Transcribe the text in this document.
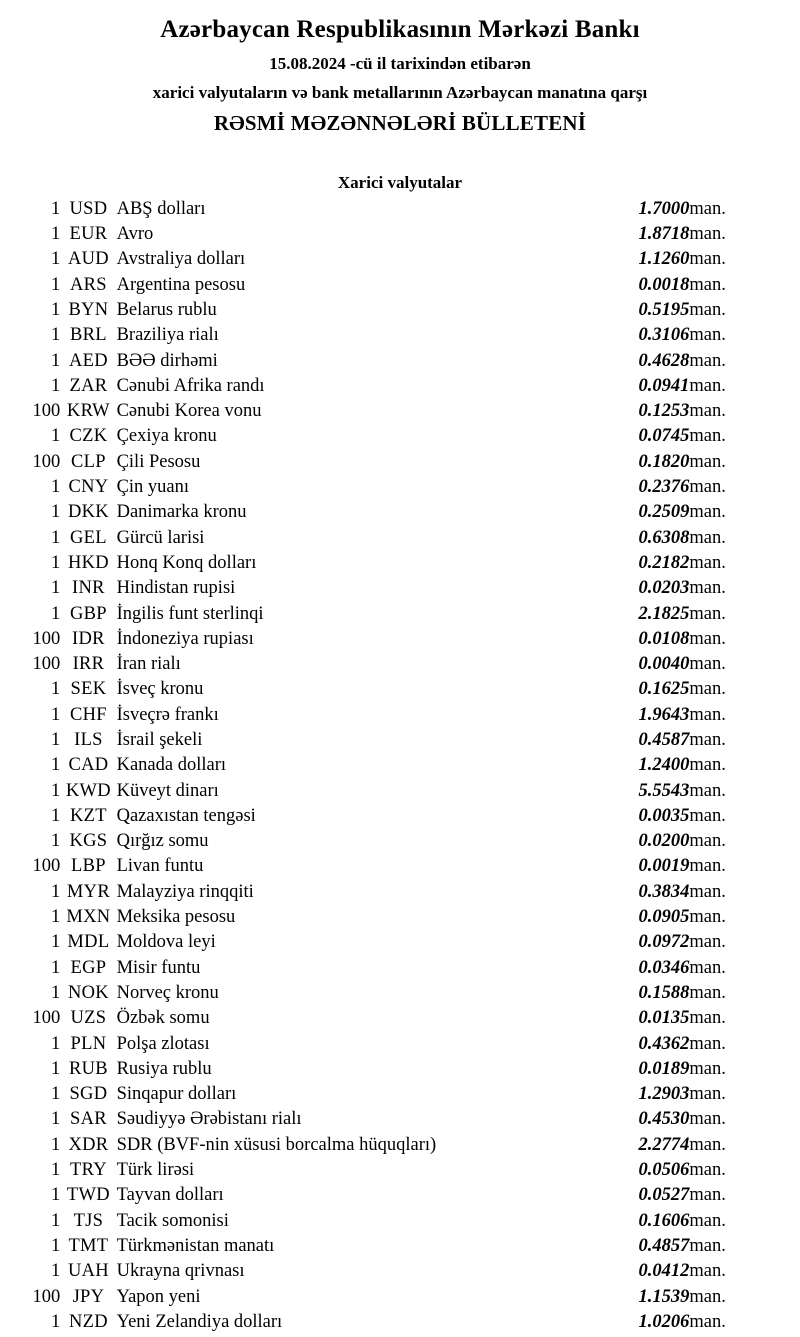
Azərbaycan Respublikasının Mərkəzi Bankı
15.08.2024 -cü il tarixindən etibarən
xarici valyutaların və bank metallarının Azərbaycan manatına qarşı
RƏSMİ MƏZƏNNƏLƏRİ BÜLLETENİ
Xarici valyutalar
1	USD	ABŞ dolları	1.7000	man.
1	EUR	Avro	1.8718	man.
1	AUD	Avstraliya dolları	1.1260	man.
1	ARS	Argentina pesosu	0.0018	man.
1	BYN	Belarus rublu	0.5195	man.
1	BRL	Braziliya rialı	0.3106	man.
1	AED	BƏƏ dirhəmi	0.4628	man.
1	ZAR	Cənubi Afrika randı	0.0941	man.
100	KRW	Cənubi Korea vonu	0.1253	man.
1	CZK	Çexiya kronu	0.0745	man.
100	CLP	Çili Pesosu	0.1820	man.
1	CNY	Çin yuanı	0.2376	man.
1	DKK	Danimarka kronu	0.2509	man.
1	GEL	Gürcü larisi	0.6308	man.
1	HKD	Honq Konq dolları	0.2182	man.
1	INR	Hindistan rupisi	0.0203	man.
1	GBP	İngilis funt sterlinqi	2.1825	man.
100	IDR	İndoneziya rupiası	0.0108	man.
100	IRR	İran rialı	0.0040	man.
1	SEK	İsveç kronu	0.1625	man.
1	CHF	İsveçrə frankı	1.9643	man.
1	ILS	İsrail şekeli	0.4587	man.
1	CAD	Kanada dolları	1.2400	man.
1	KWD	Küveyt dinarı	5.5543	man.
1	KZT	Qazaxıstan tengəsi	0.0035	man.
1	KGS	Qırğız somu	0.0200	man.
100	LBP	Livan funtu	0.0019	man.
1	MYR	Malayziya rinqqiti	0.3834	man.
1	MXN	Meksika pesosu	0.0905	man.
1	MDL	Moldova leyi	0.0972	man.
1	EGP	Misir funtu	0.0346	man.
1	NOK	Norveç kronu	0.1588	man.
100	UZS	Özbək somu	0.0135	man.
1	PLN	Polşa zlotası	0.4362	man.
1	RUB	Rusiya rublu	0.0189	man.
1	SGD	Sinqapur dolları	1.2903	man.
1	SAR	Səudiyyə Ərəbistanı rialı	0.4530	man.
1	XDR	SDR (BVF-nin xüsusi borcalma hüquqları)	2.2774	man.
1	TRY	Türk lirəsi	0.0506	man.
1	TWD	Tayvan dolları	0.0527	man.
1	TJS	Tacik somonisi	0.1606	man.
1	TMT	Türkmənistan manatı	0.4857	man.
1	UAH	Ukrayna qrivnası	0.0412	man.
100	JPY	Yapon yeni	1.1539	man.
1	NZD	Yeni Zelandiya dolları	1.0206	man.
